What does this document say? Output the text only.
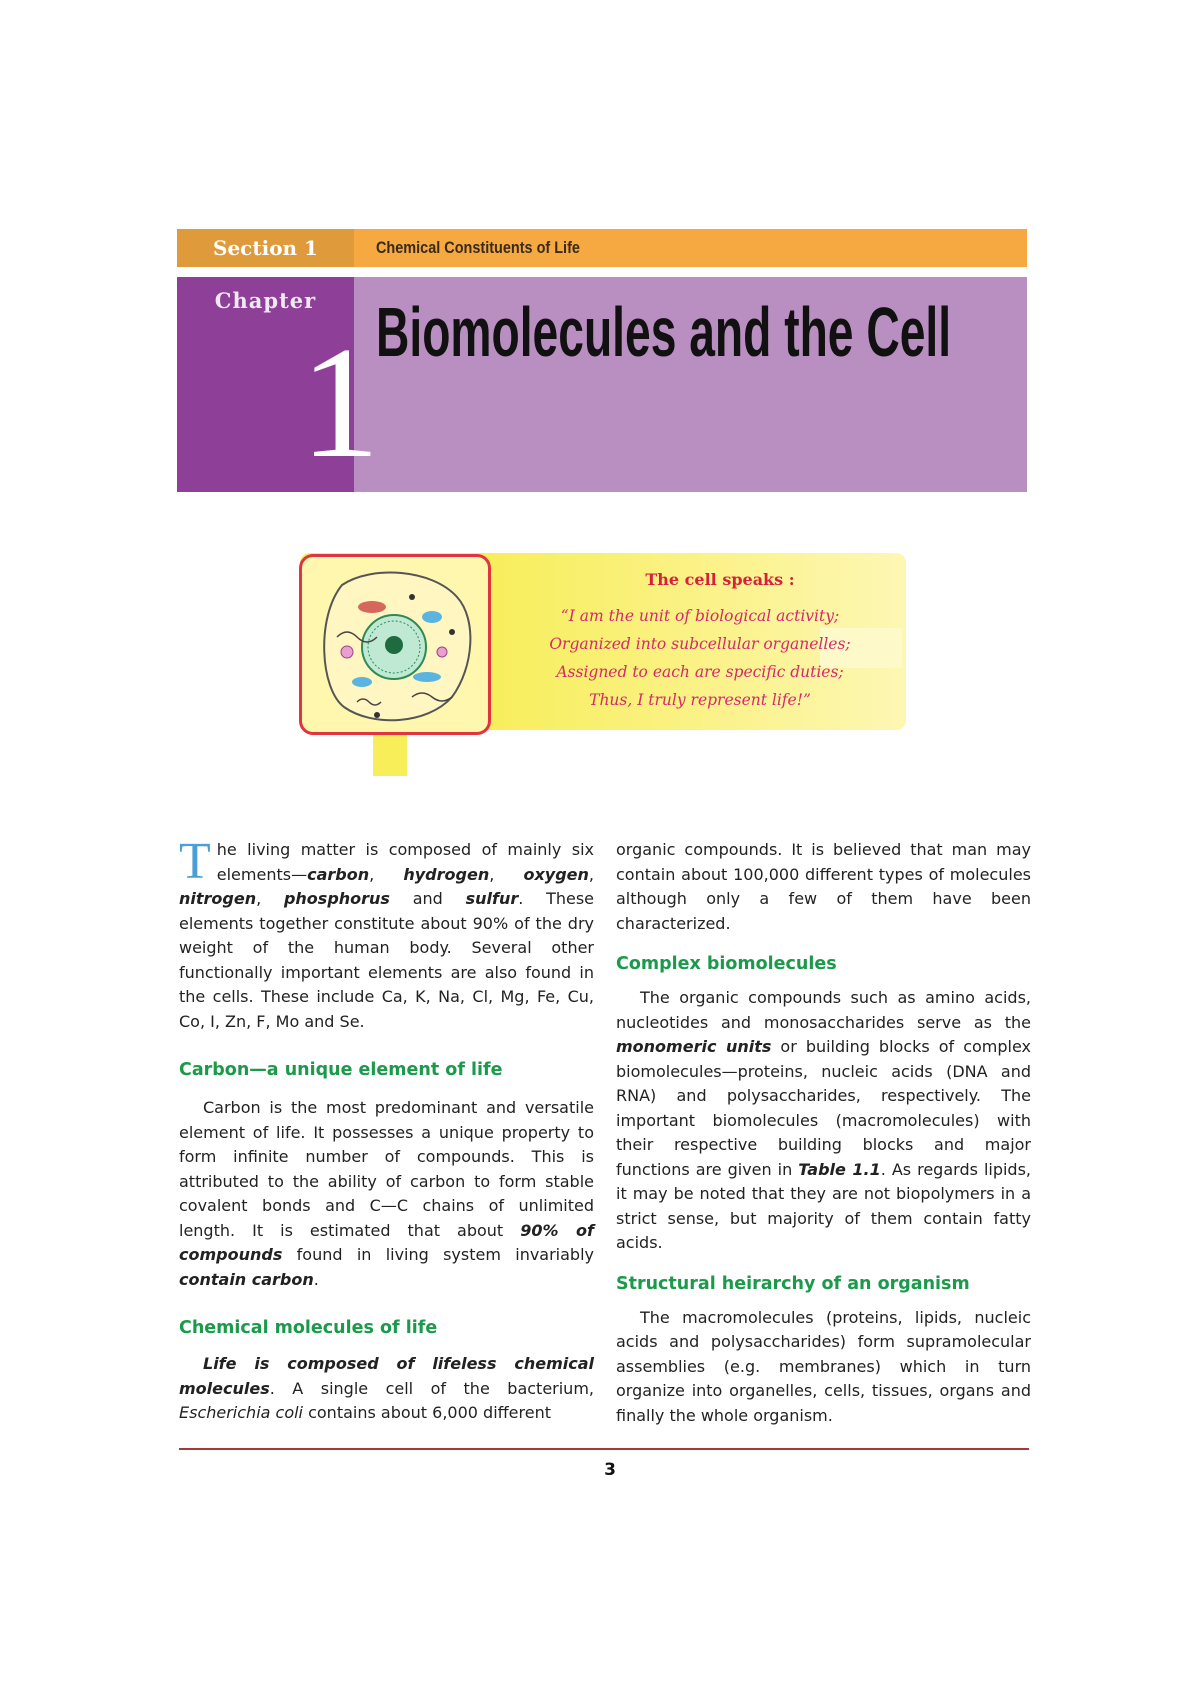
Section 1	Chemical Constituents of Life
Chapter
1
Biomolecules and the Cell
The cell speaks :
“I am the unit of biological activity;
Organized into subcellular organelles;
Assigned to each are specific duties;
Thus, I truly represent life!”

The living matter is composed of mainly six elements—carbon, hydrogen, oxygen, nitrogen, phosphorus and sulfur. These elements together constitute about 90% of the dry weight of the human body. Several other functionally important elements are also found in the cells. These include Ca, K, Na, Cl, Mg, Fe, Cu, Co, I, Zn, F, Mo and Se.

Carbon—a unique element of life

Carbon is the most predominant and versatile element of life. It possesses a unique property to form infinite number of compounds. This is attributed to the ability of carbon to form stable covalent bonds and C—C chains of unlimited length. It is estimated that about 90% of compounds found in living system invariably contain carbon.

Chemical molecules of life

Life is composed of lifeless chemical molecules. A single cell of the bacterium, Escherichia coli contains about 6,000 different

organic compounds. It is believed that man may contain about 100,000 different types of molecules although only a few of them have been characterized.

Complex biomolecules

The organic compounds such as amino acids, nucleotides and monosaccharides serve as the monomeric units or building blocks of complex biomolecules—proteins, nucleic acids (DNA and RNA) and polysaccharides, respectively. The important biomolecules (macromolecules) with their respective building blocks and major functions are given in Table 1.1. As regards lipids, it may be noted that they are not biopolymers in a strict sense, but majority of them contain fatty acids.

Structural heirarchy of an organism

The macromolecules (proteins, lipids, nucleic acids and polysaccharides) form supramolecular assemblies (e.g. membranes) which in turn organize into organelles, cells, tissues, organs and finally the whole organism.

3
